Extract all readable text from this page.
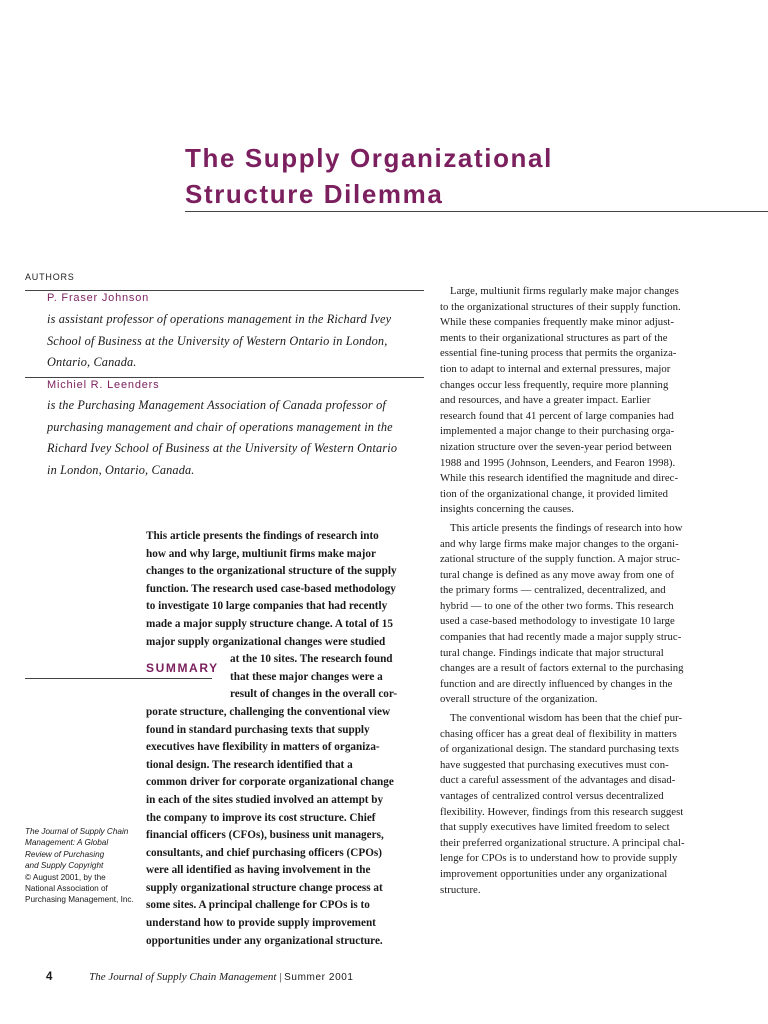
The Supply Organizational
Structure Dilemma
AUTHORS
P. Fraser Johnson

is assistant professor of operations management in the Richard Ivey
School of Business at the University of Western Ontario in London,
Ontario, Canada.

Michiel R. Leenders

is the Purchasing Management Association of Canada professor of
purchasing management and chair of operations management in the
Richard Ivey School of Business at the University of Western Ontario
in London, Ontario, Canada.

This article presents the findings of research into
how and why large, multiunit firms make major
changes to the organizational structure of the supply
function. The research used case-based methodology
to investigate 10 large companies that had recently
made a major supply structure change. A total of 15
major supply organizational changes were studied
at the 10 sites. The research found
that these major changes were a
result of changes in the overall cor-
porate structure, challenging the conventional view
found in standard purchasing texts that supply
executives have flexibility in matters of organiza-
tional design. The research identified that a
common driver for corporate organizational change
in each of the sites studied involved an attempt by
the company to improve its cost structure. Chief
financial officers (CFOs), business unit managers,
consultants, and chief purchasing officers (CPOs)
were all identified as having involvement in the
supply organizational structure change process at
some sites. A principal challenge for CPOs is to
understand how to provide supply improvement
opportunities under any organizational structure.
SUMMARY

The Journal of Supply Chain
Management: A Global
Review of Purchasing
and Supply Copyright
© August 2001, by the
National Association of
Purchasing Management, Inc.

Large, multiunit firms regularly make major changes
to the organizational structures of their supply function.
While these companies frequently make minor adjust-
ments to their organizational structures as part of the
essential fine-tuning process that permits the organiza-
tion to adapt to internal and external pressures, major
changes occur less frequently, require more planning
and resources, and have a greater impact. Earlier
research found that 41 percent of large companies had
implemented a major change to their purchasing orga-
nization structure over the seven-year period between
1988 and 1995 (Johnson, Leenders, and Fearon 1998).
While this research identified the magnitude and direc-
tion of the organizational change, it provided limited
insights concerning the causes.

This article presents the findings of research into how
and why large firms make major changes to the organi-
zational structure of the supply function. A major struc-
tural change is defined as any move away from one of
the primary forms — centralized, decentralized, and
hybrid — to one of the other two forms. This research
used a case-based methodology to investigate 10 large
companies that had recently made a major supply struc-
tural change. Findings indicate that major structural
changes are a result of factors external to the purchasing
function and are directly influenced by changes in the
overall structure of the organization.

The conventional wisdom has been that the chief pur-
chasing officer has a great deal of flexibility in matters
of organizational design. The standard purchasing texts
have suggested that purchasing executives must con-
duct a careful assessment of the advantages and disad-
vantages of centralized control versus decentralized
flexibility. However, findings from this research suggest
that supply executives have limited freedom to select
their preferred organizational structure. A principal chal-
lenge for CPOs is to understand how to provide supply
improvement opportunities under any organizational
structure.

4	The Journal of Supply Chain Management | Summer 2001
